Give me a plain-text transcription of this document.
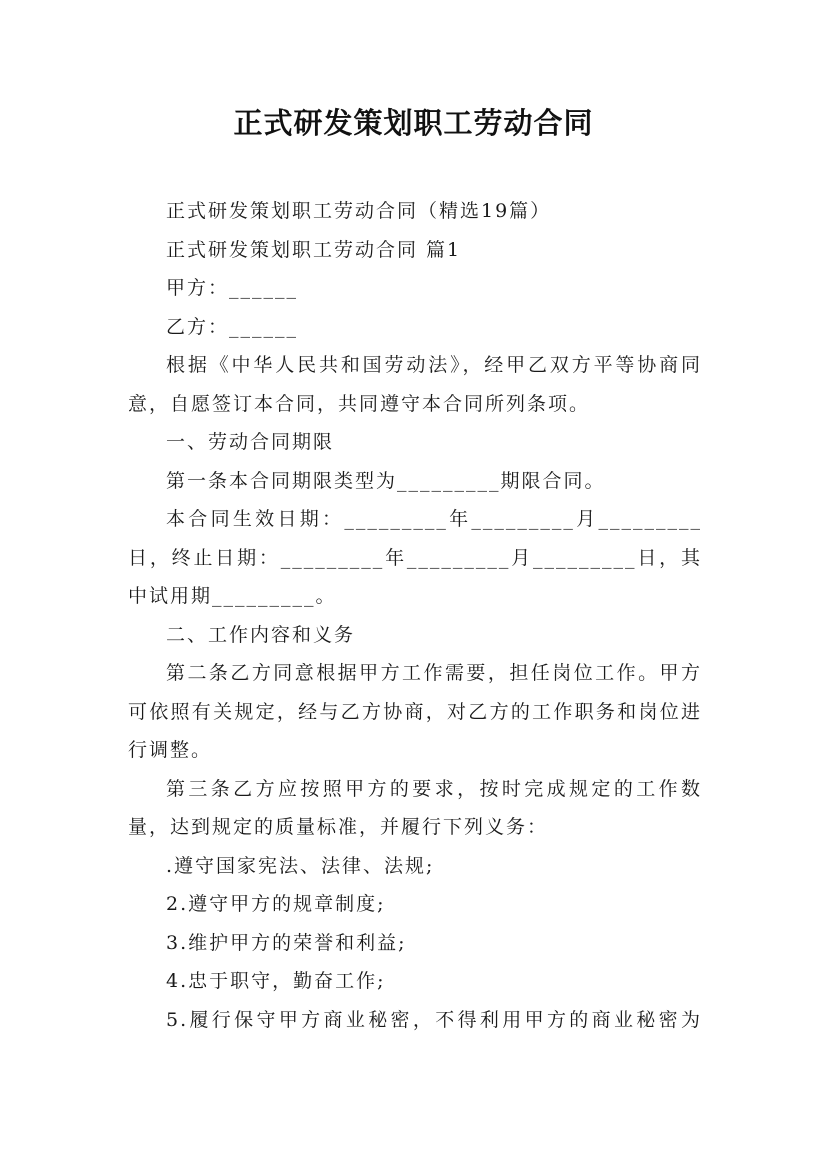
正式研发策划职工劳动合同

正式研发策划职工劳动合同（精选19篇）

正式研发策划职工劳动合同 篇1

甲方：______

乙方：______

根据《中华人民共和国劳动法》，经甲乙双方平等协商同意，自愿签订本合同，共同遵守本合同所列条项。

一、劳动合同期限

第一条本合同期限类型为_________期限合同。

本合同生效日期：_________年_________月_________日，终止日期：_________年_________月_________日，其中试用期_________。

二、工作内容和义务

第二条乙方同意根据甲方工作需要，担任岗位工作。甲方可依照有关规定，经与乙方协商，对乙方的工作职务和岗位进行调整。

第三条乙方应按照甲方的要求，按时完成规定的工作数量，达到规定的质量标准，并履行下列义务：

.遵守国家宪法、法律、法规;

2.遵守甲方的规章制度;

3.维护甲方的荣誉和利益;

4.忠于职守，勤奋工作;

5.履行保守甲方商业秘密，不得利用甲方的商业秘密为
